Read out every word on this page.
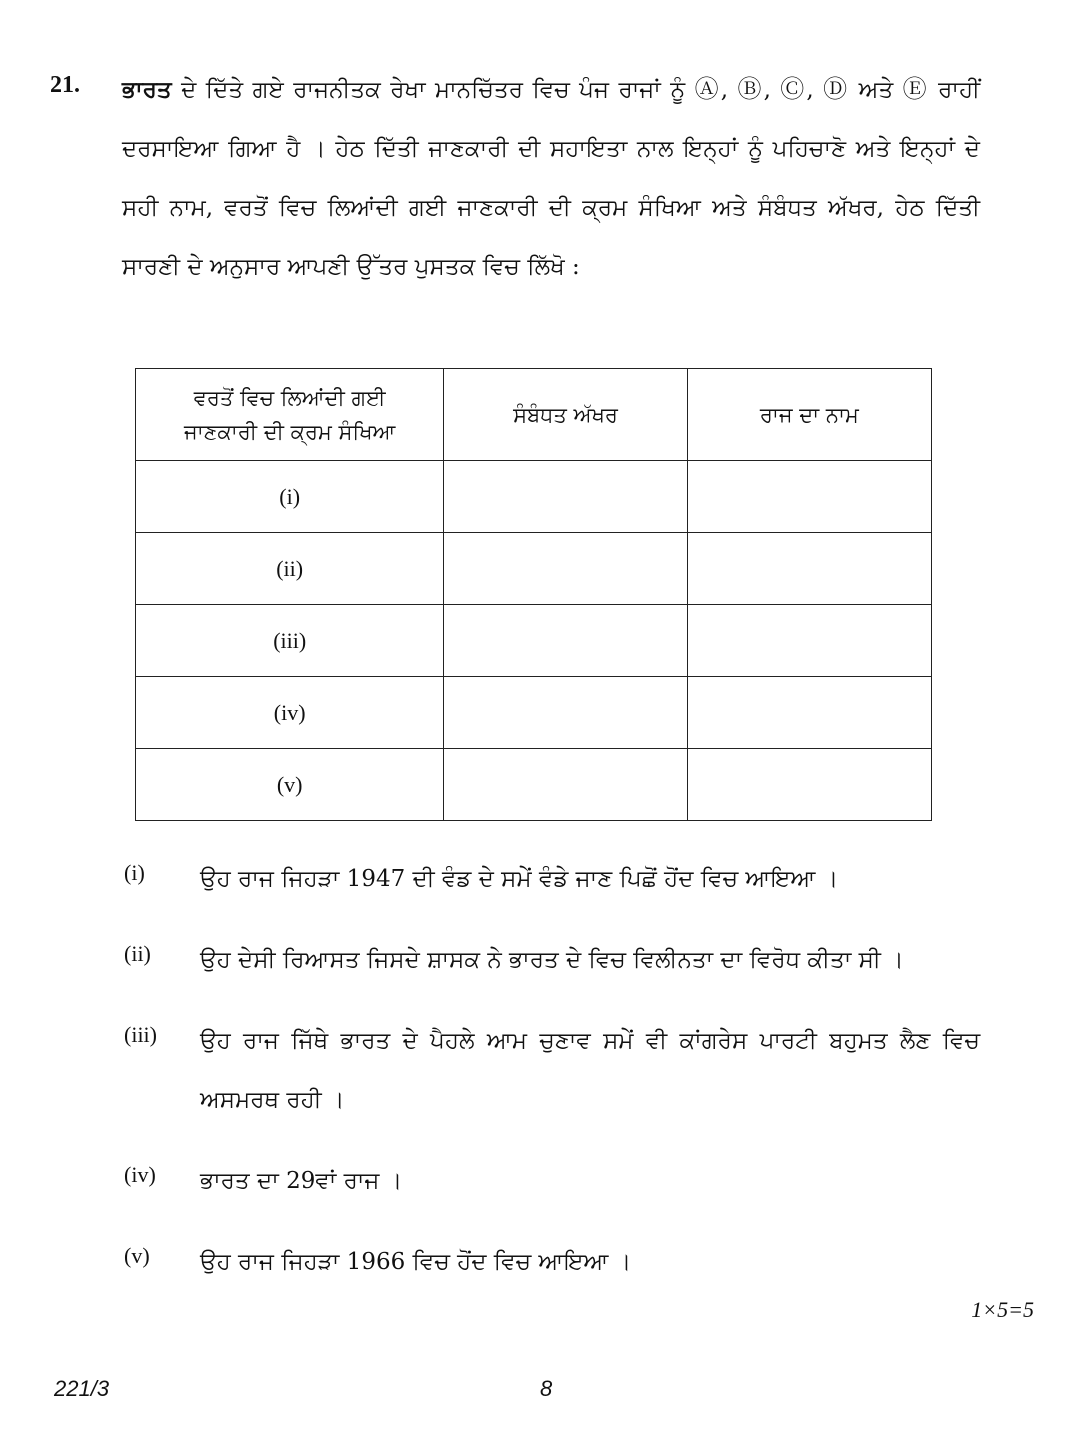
21. ਭਾਰਤ ਦੇ ਦਿੱਤੇ ਗਏ ਰਾਜਨੀਤਕ ਰੇਖਾ ਮਾਨਚਿੱਤਰ ਵਿਚ ਪੰਜ ਰਾਜਾਂ ਨੂੰ Ⓐ, Ⓑ, Ⓒ, Ⓓ ਅਤੇ Ⓔ ਰਾਹੀਂ ਦਰਸਾਇਆ ਗਿਆ ਹੈ । ਹੇਠ ਦਿੱਤੀ ਜਾਣਕਾਰੀ ਦੀ ਸਹਾਇਤਾ ਨਾਲ ਇਨ੍ਹਾਂ ਨੂੰ ਪਹਿਚਾਣੋ ਅਤੇ ਇਨ੍ਹਾਂ ਦੇ ਸਹੀ ਨਾਮ, ਵਰਤੋਂ ਵਿਚ ਲਿਆਂਦੀ ਗਈ ਜਾਣਕਾਰੀ ਦੀ ਕ੍ਰਮ ਸੰਖਿਆ ਅਤੇ ਸੰਬੰਧਤ ਅੱਖਰ, ਹੇਠ ਦਿੱਤੀ ਸਾਰਣੀ ਦੇ ਅਨੁਸਾਰ ਆਪਣੀ ਉੱਤਰ ਪੁਸਤਕ ਵਿਚ ਲਿੱਖੋ :
ਵਰਤੋਂ ਵਿਚ ਲਿਆਂਦੀ ਗਈ ਜਾਣਕਾਰੀ ਦੀ ਕ੍ਰਮ ਸੰਖਿਆ	ਸੰਬੰਧਤ ਅੱਖਰ	ਰਾਜ ਦਾ ਨਾਮ
(i)		
(ii)		
(iii)		
(iv)		
(v)		
(i) ਉਹ ਰਾਜ ਜਿਹੜਾ 1947 ਦੀ ਵੰਡ ਦੇ ਸਮੇਂ ਵੰਡੇ ਜਾਣ ਪਿਛੋਂ ਹੋਂਦ ਵਿਚ ਆਇਆ ।
(ii) ਉਹ ਦੇਸੀ ਰਿਆਸਤ ਜਿਸਦੇ ਸ਼ਾਸਕ ਨੇ ਭਾਰਤ ਦੇ ਵਿਚ ਵਿਲੀਨਤਾ ਦਾ ਵਿਰੋਧ ਕੀਤਾ ਸੀ ।
(iii) ਉਹ ਰਾਜ ਜਿੱਥੇ ਭਾਰਤ ਦੇ ਪੈਹਲੇ ਆਮ ਚੁਣਾਵ ਸਮੇਂ ਵੀ ਕਾਂਗਰੇਸ ਪਾਰਟੀ ਬਹੁਮਤ ਲੈਣ ਵਿਚ ਅਸਮਰਥ ਰਹੀ ।
(iv) ਭਾਰਤ ਦਾ 29ਵਾਂ ਰਾਜ ।
(v) ਉਹ ਰਾਜ ਜਿਹੜਾ 1966 ਵਿਚ ਹੋਂਦ ਵਿਚ ਆਇਆ ।
1×5=5
221/3	8
